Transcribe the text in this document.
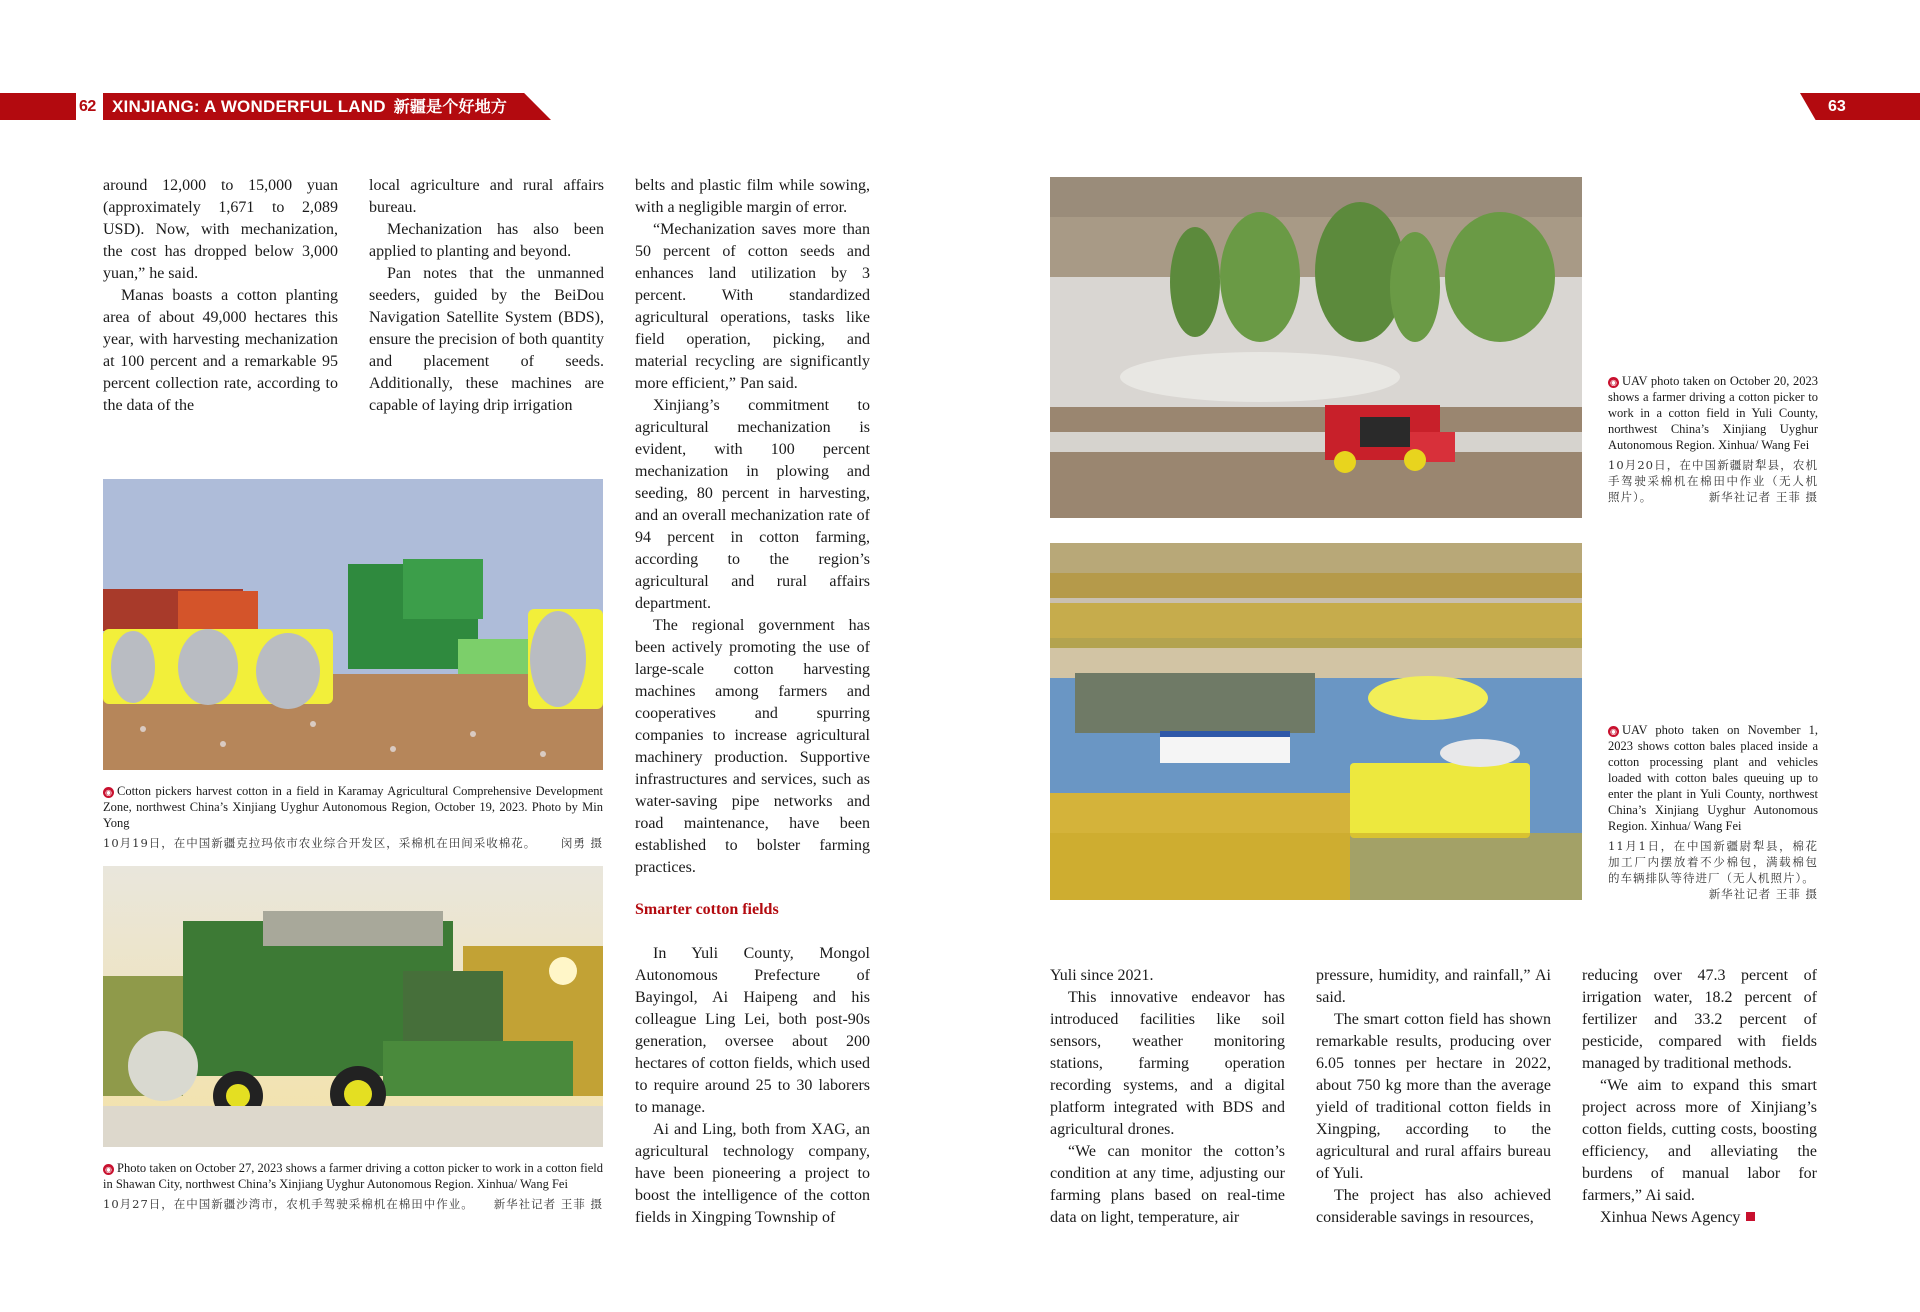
62 XINJIANG: A WONDERFUL LAND 新疆是个好地方	63

around 12,000 to 15,000 yuan (approximately 1,671 to 2,089 USD). Now, with mechanization, the cost has dropped below 3,000 yuan,” he said.

Manas boasts a cotton planting area of about 49,000 hectares this year, with harvesting mechanization at 100 percent and a remarkable 95 percent collection rate, according to the data of the

local agriculture and rural affairs bureau.

Mechanization has also been applied to planting and beyond.

Pan notes that the unmanned seeders, guided by the BeiDou Navigation Satellite System (BDS), ensure the precision of both quantity and placement of seeds. Additionally, these machines are capable of laying drip irrigation

belts and plastic film while sowing, with a negligible margin of error.

“Mechanization saves more than 50 percent of cotton seeds and enhances land utilization by 3 percent. With standardized agricultural operations, tasks like field operation, picking, and material recycling are significantly more efficient,” Pan said.

Xinjiang’s commitment to agricultural mechanization is evident, with 100 percent mechanization in plowing and seeding, 80 percent in harvesting, and an overall mechanization rate of 94 percent in cotton farming, according to the region’s agricultural and rural affairs department.

The regional government has been actively promoting the use of large-scale cotton harvesting machines among farmers and cooperatives and spurring companies to increase agricultural machinery production. Supportive infrastructures and services, such as water-saving pipe networks and road maintenance, have been established to bolster farming practices.

Smarter cotton fields

In Yuli County, Mongol Autonomous Prefecture of Bayingol, Ai Haipeng and his colleague Ling Lei, both post-90s generation, oversee about 200 hectares of cotton fields, which used to require around 25 to 30 laborers to manage.

Ai and Ling, both from XAG, an agricultural technology company, have been pioneering a project to boost the intelligence of the cotton fields in Xingping Township of

◉ Cotton pickers harvest cotton in a field in Karamay Agricultural Comprehensive Development Zone, northwest China’s Xinjiang Uyghur Autonomous Region, October 19, 2023. Photo by Min Yong

10月19日，在中国新疆克拉玛依市农业综合开发区，采棉机在田间采收棉花。 闵勇 摄

◉ Photo taken on October 27, 2023 shows a farmer driving a cotton picker to work in a cotton field in Shawan City, northwest China’s Xinjiang Uyghur Autonomous Region. Xinhua/ Wang Fei

10月27日，在中国新疆沙湾市，农机手驾驶采棉机在棉田中作业。 新华社记者 王菲 摄

◉ UAV photo taken on October 20, 2023 shows a farmer driving a cotton picker to work in a cotton field in Yuli County, northwest China’s Xinjiang Uyghur Autonomous Region. Xinhua/ Wang Fei

10月20日，在中国新疆尉犁县，农机手驾驶采棉机在棉田中作业（无人机照片）。	新华社记者 王菲 摄

◉ UAV photo taken on November 1, 2023 shows cotton bales placed inside a cotton processing plant and vehicles loaded with cotton bales queuing up to enter the plant in Yuli County, northwest China’s Xinjiang Uyghur Autonomous Region. Xinhua/ Wang Fei

11月1日，在中国新疆尉犁县，棉花加工厂内摆放着不少棉包，满载棉包的车辆排队等待进厂（无人机照片）。
新华社记者 王菲 摄

Yuli since 2021.

This innovative endeavor has introduced facilities like soil sensors, weather monitoring stations, farming operation recording systems, and a digital platform integrated with BDS and agricultural drones.

“We can monitor the cotton’s condition at any time, adjusting our farming plans based on real-time data on light, temperature, air

pressure, humidity, and rainfall,” Ai said.

The smart cotton field has shown remarkable results, producing over 6.05 tonnes per hectare in 2022, about 750 kg more than the average yield of traditional cotton fields in Xingping, according to the agricultural and rural affairs bureau of Yuli.

The project has also achieved considerable savings in resources,

reducing over 47.3 percent of irrigation water, 18.2 percent of fertilizer and 33.2 percent of pesticide, compared with fields managed by traditional methods.

“We aim to expand this smart project across more of Xinjiang’s cotton fields, cutting costs, boosting efficiency, and alleviating the burdens of manual labor for farmers,” Ai said.

Xinhua News Agency
